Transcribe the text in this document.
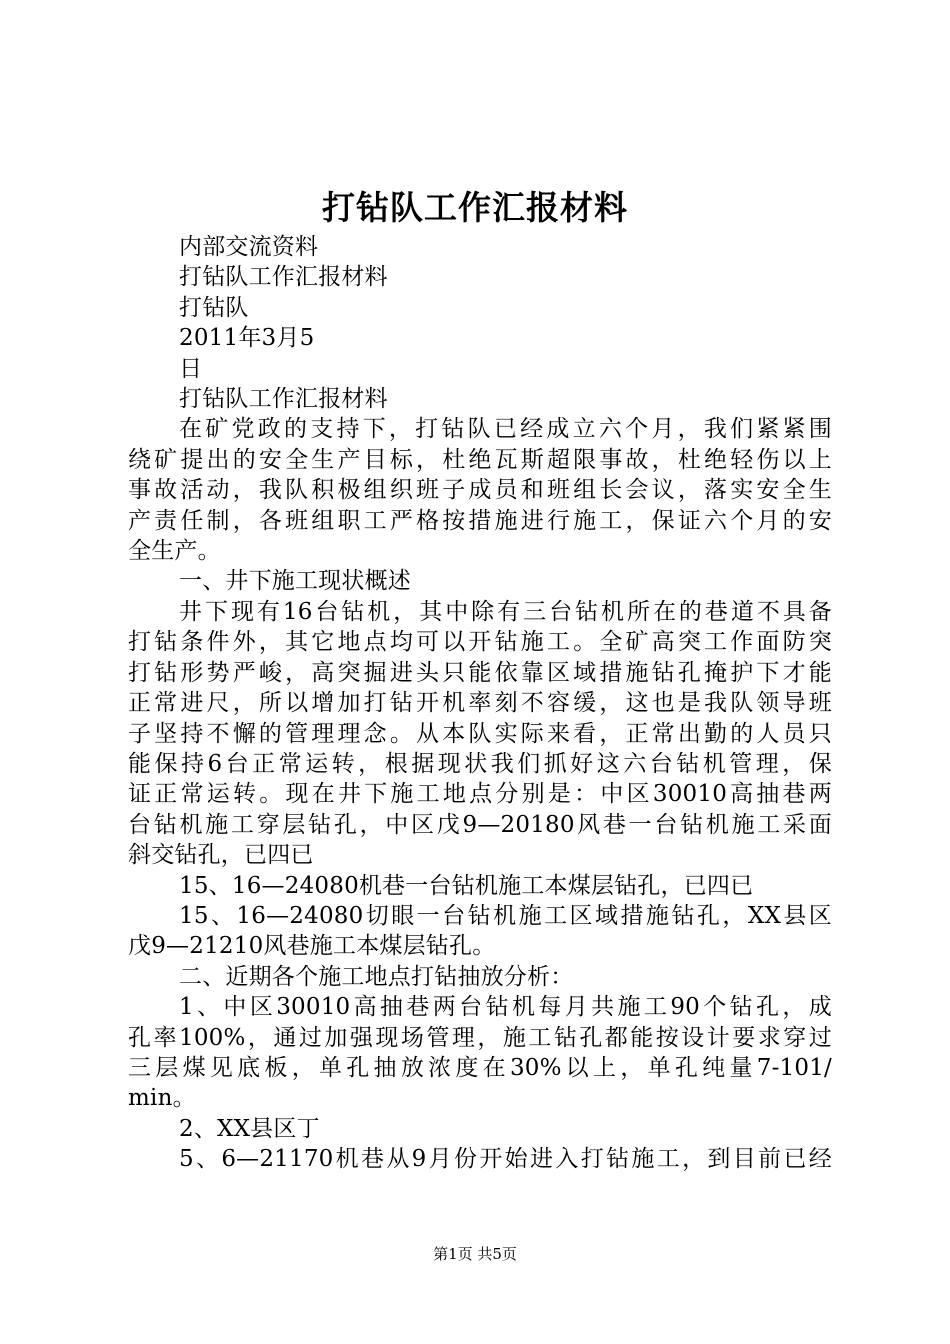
打钻队工作汇报材料

内部交流资料

打钻队工作汇报材料

打钻队

2011年3月5

日

打钻队工作汇报材料

在矿党政的支持下，打钻队已经成立六个月，我们紧紧围

绕矿提出的安全生产目标，杜绝瓦斯超限事故，杜绝轻伤以上

事故活动，我队积极组织班子成员和班组长会议，落实安全生

产责任制，各班组职工严格按措施进行施工，保证六个月的安

全生产。

一、井下施工现状概述

井下现有16台钻机，其中除有三台钻机所在的巷道不具备

打钻条件外，其它地点均可以开钻施工。全矿高突工作面防突

打钻形势严峻，高突掘进头只能依靠区域措施钻孔掩护下才能

正常进尺，所以增加打钻开机率刻不容缓，这也是我队领导班

子坚持不懈的管理理念。从本队实际来看，正常出勤的人员只

能保持6台正常运转，根据现状我们抓好这六台钻机管理，保

证正常运转。现在井下施工地点分别是：中区30010高抽巷两

台钻机施工穿层钻孔，中区戊9—20180风巷一台钻机施工采面

斜交钻孔，已四已

15、16—24080机巷一台钻机施工本煤层钻孔，已四已

15、16—24080切眼一台钻机施工区域措施钻孔，XX县区

戊9—21210风巷施工本煤层钻孔。

二、近期各个施工地点打钻抽放分析：

1、中区30010高抽巷两台钻机每月共施工90个钻孔，成

孔率100%，通过加强现场管理，施工钻孔都能按设计要求穿过

三层煤见底板，单孔抽放浓度在30%以上，单孔纯量7-101/

min。

2、XX县区丁

5、6—21170机巷从9月份开始进入打钻施工，到目前已经

第1页 共5页
